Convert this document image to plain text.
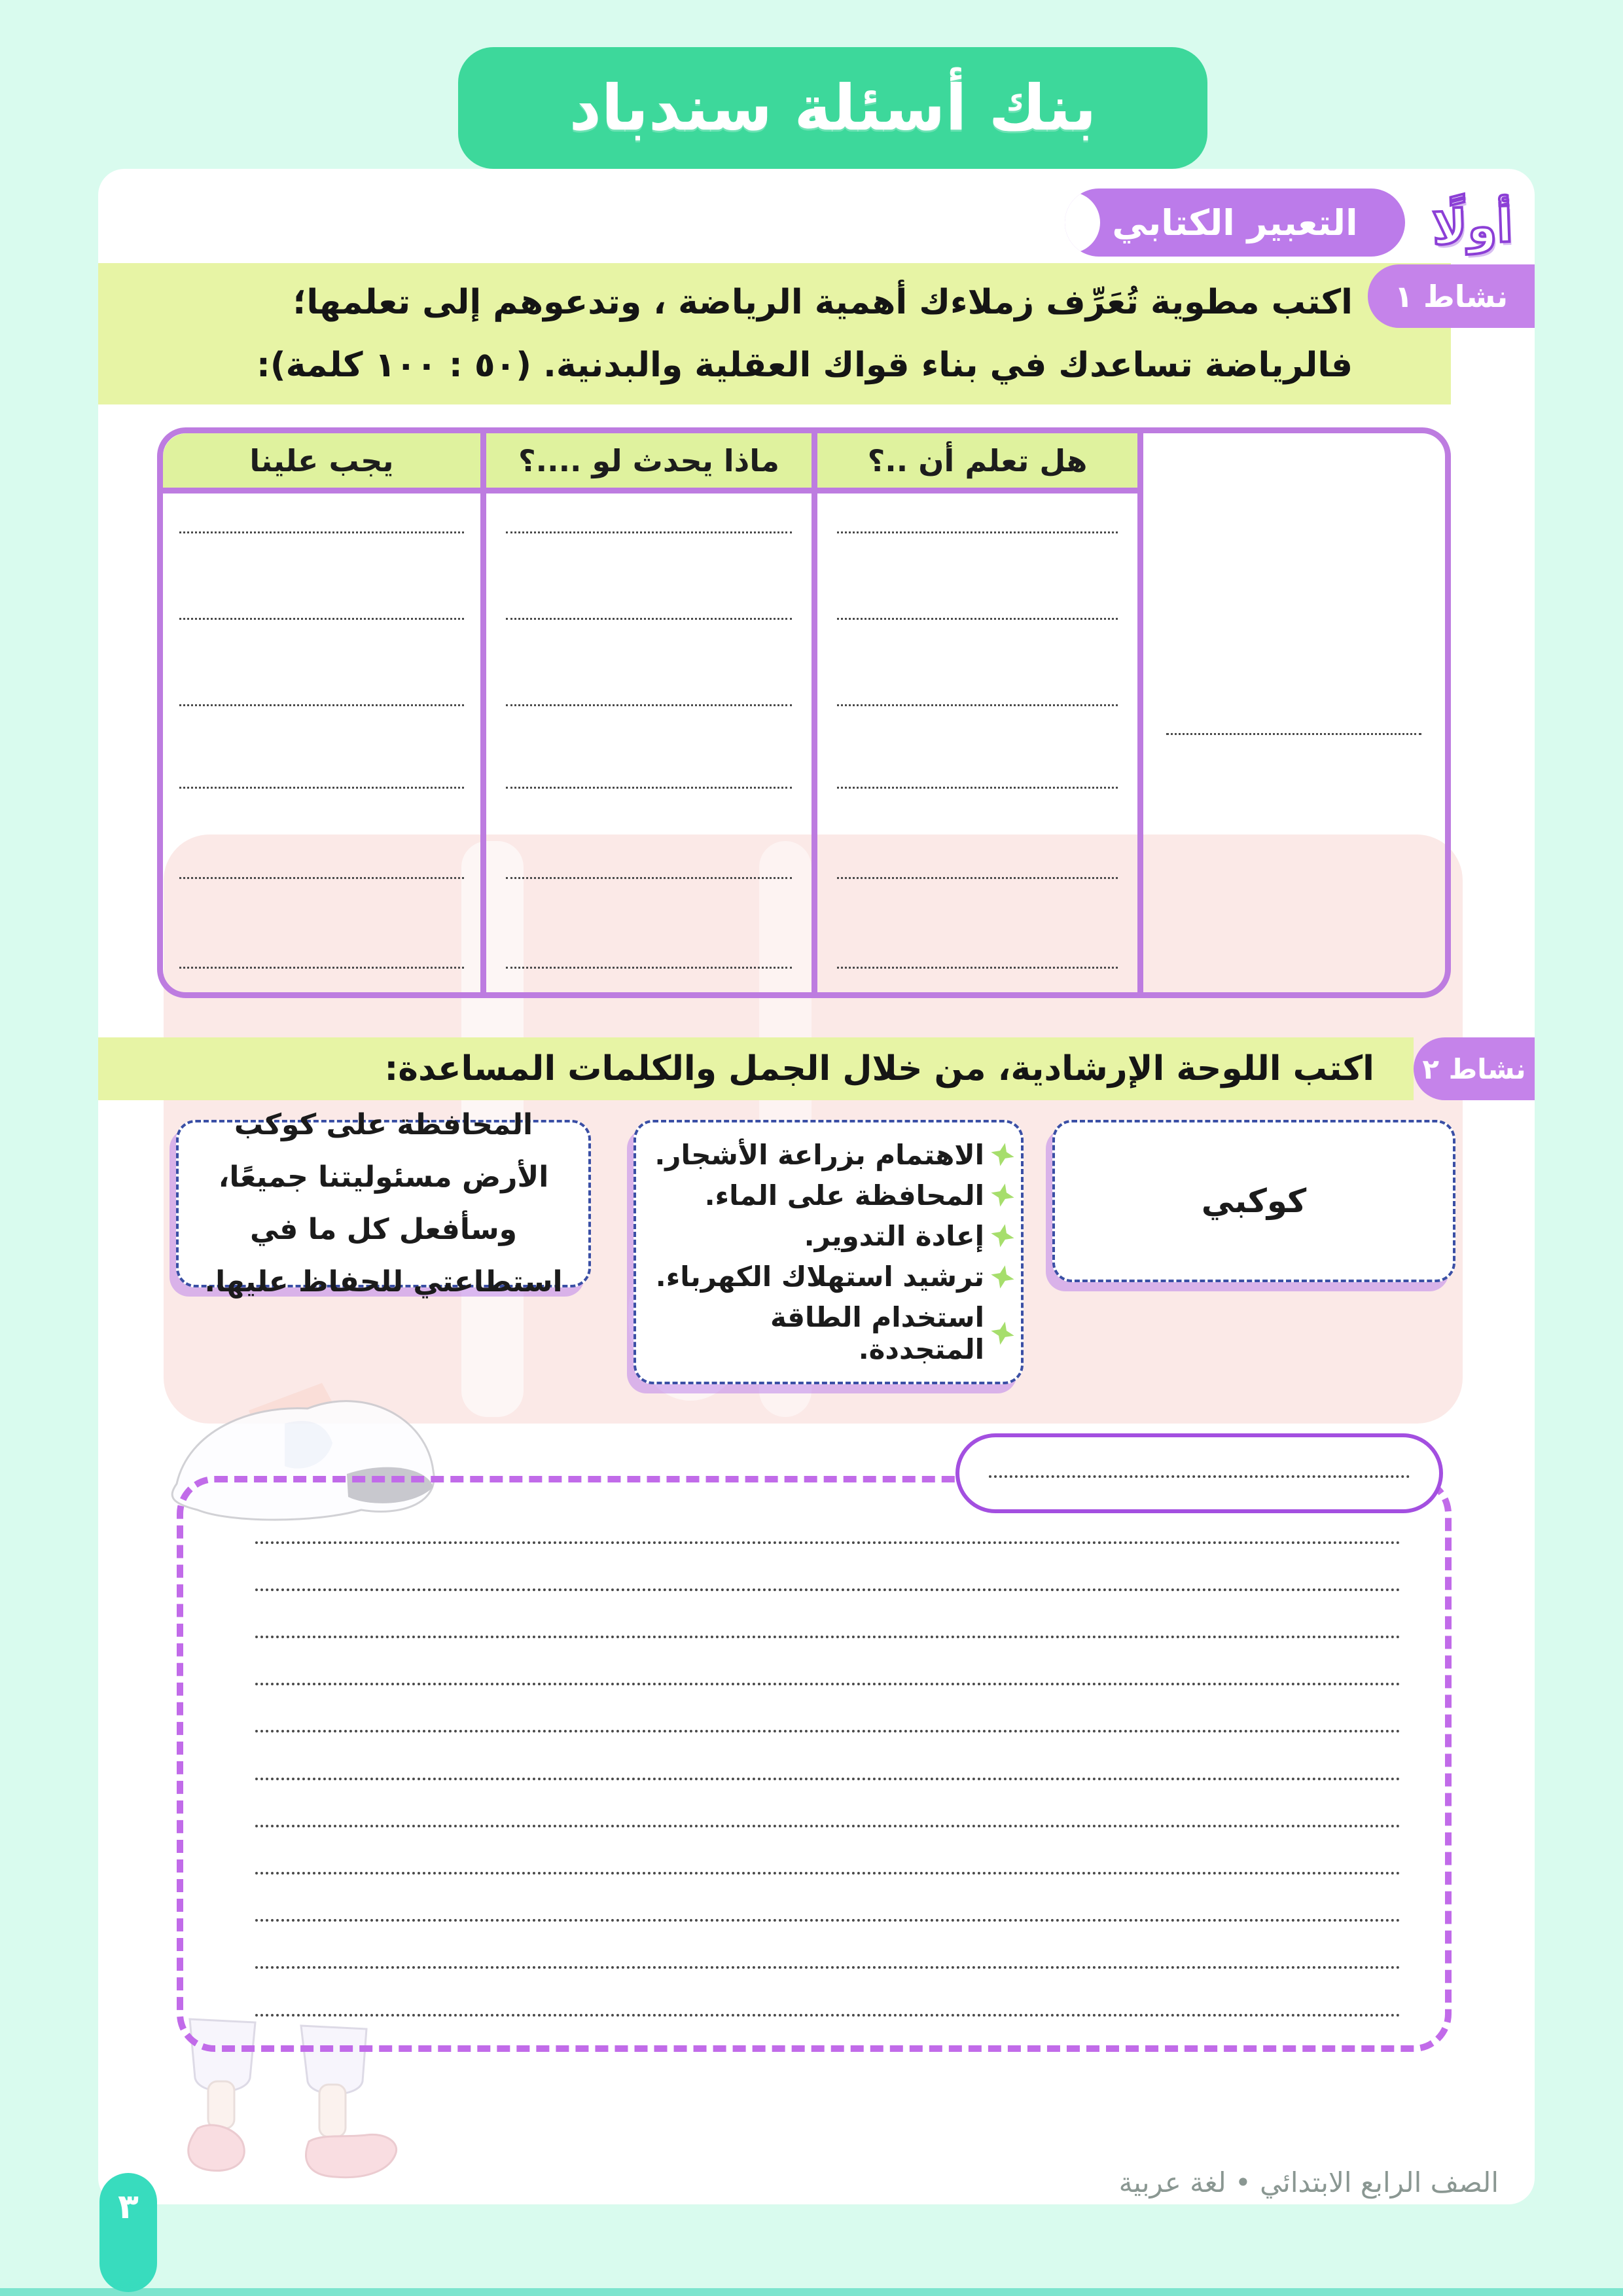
بنك أسئلة سندباد
التعبير الكتابي	أولًا
اكتب مطوية تُعَرِّف زملاءك أهمية الرياضة ، وتدعوهم إلى تعلمها؛
فالرياضة تساعدك في بناء قواك العقلية والبدنية. (٥٠ : ١٠٠ كلمة):
نشاط ١
هل تعلم أن ..؟
ماذا يحدث لو ....؟
يجب علينا
اكتب اللوحة الإرشادية، من خلال الجمل والكلمات المساعدة:	نشاط ٢
كوكبي
الاهتمام بزراعة الأشجار.
المحافظة على الماء.
إعادة التدوير.
ترشيد استهلاك الكهرباء.
استخدام الطاقة المتجددة.
المحافظة على كوكب الأرض مسئوليتنا جميعًا، وسأفعل كل ما في استطاعتي للحفاظ عليها.
الصف الرابع الابتدائي • لغة عربية
٣
